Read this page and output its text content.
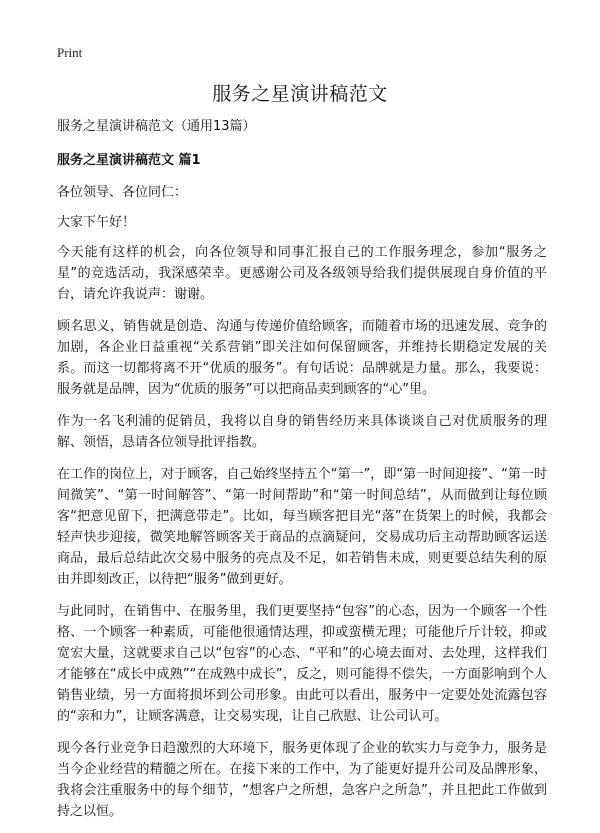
Print
服务之星演讲稿范文

服务之星演讲稿范文（通用13篇）

服务之星演讲稿范文 篇1

各位领导、各位同仁：

大家下午好！

今天能有这样的机会，向各位领导和同事汇报自己的工作服务理念，参加“服务之星”的竞选活动，我深感荣幸。更感谢公司及各级领导给我们提供展现自身价值的平台，请允许我说声：谢谢。

顾名思义，销售就是创造、沟通与传递价值给顾客，而随着市场的迅速发展、竞争的加剧，各企业日益重视“关系营销”即关注如何保留顾客，并维持长期稳定发展的关系。而这一切都将离不开“优质的服务”。有句话说：品牌就是力量。那么，我要说：服务就是品牌，因为“优质的服务”可以把商品卖到顾客的“心”里。

作为一名飞利浦的促销员，我将以自身的销售经历来具体谈谈自己对优质服务的理解、领悟，恳请各位领导批评指教。

在工作的岗位上，对于顾客，自己始终坚持五个“第一”，即“第一时间迎接”、“第一时间微笑”、“第一时间解答”、“第一时间帮助”和“第一时间总结”，从而做到让每位顾客“把意见留下，把满意带走”。比如，每当顾客把目光“落”在货架上的时候，我都会轻声快步迎接，微笑地解答顾客关于商品的点滴疑问，交易成功后主动帮助顾客运送商品，最后总结此次交易中服务的亮点及不足，如若销售未成，则更要总结失利的原由并即刻改正，以待把“服务”做到更好。

与此同时，在销售中、在服务里，我们更要坚持“包容”的心态，因为一个顾客一个性格、一个顾客一种素质，可能他很通情达理，抑或蛮横无理；可能他斤斤计较，抑或宽宏大量，这就要求自己以“包容”的心态、“平和”的心境去面对、去处理，这样我们才能够在“成长中成熟”“在成熟中成长”，反之，则可能得不偿失，一方面影响到个人销售业绩，另一方面将损坏到公司形象。由此可以看出，服务中一定要处处流露包容的“亲和力”，让顾客满意，让交易实现，让自己欣慰、让公司认可。

现今各行业竞争日趋激烈的大环境下，服务更体现了企业的软实力与竞争力，服务是当今企业经营的精髓之所在。在接下来的工作中，为了能更好提升公司及品牌形象，我将会注重服务中的每个细节，“想客户之所想，急客户之所急”，并且把此工作做到持之以恒。
